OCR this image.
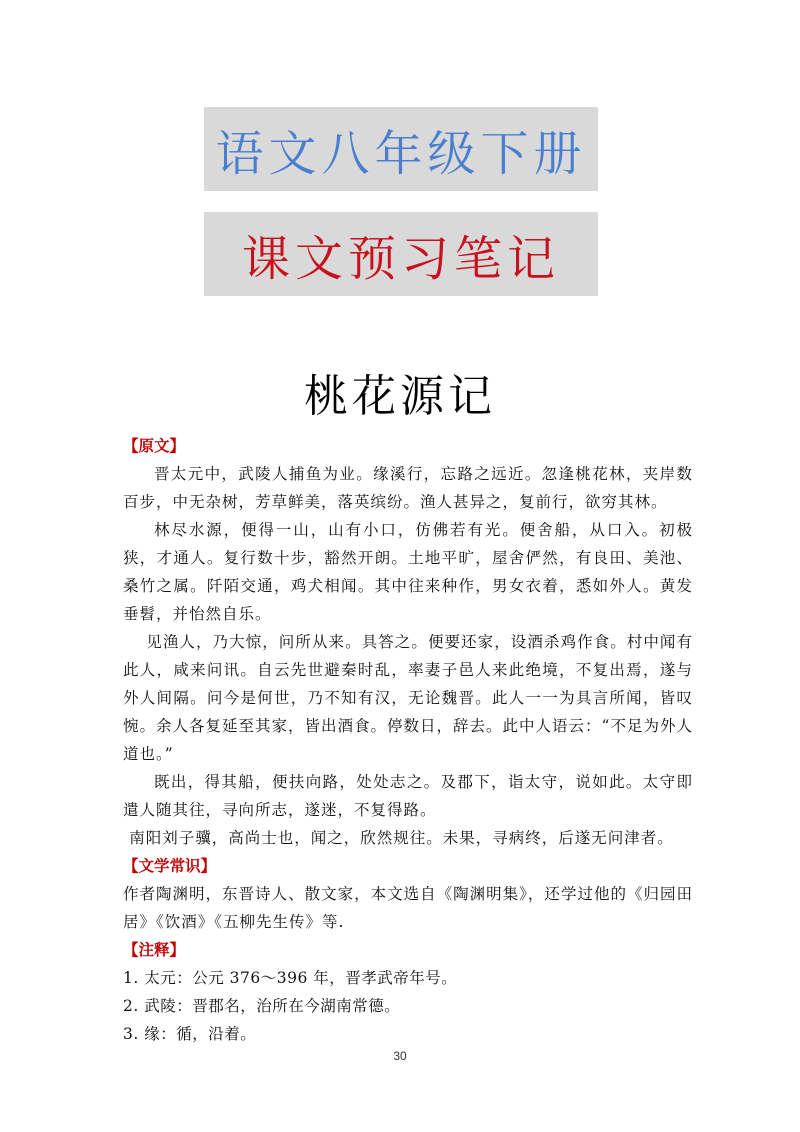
语文八年级下册
课文预习笔记
桃花源记
【原文】
晋太元中，武陵人捕鱼为业。缘溪行，忘路之远近。忽逢桃花林，夹岸数百步，中无杂树，芳草鲜美，落英缤纷。渔人甚异之，复前行，欲穷其林。
林尽水源，便得一山，山有小口，仿佛若有光。便舍船，从口入。初极狭，才通人。复行数十步，豁然开朗。土地平旷，屋舍俨然，有良田、美池、桑竹之属。阡陌交通，鸡犬相闻。其中往来种作，男女衣着，悉如外人。黄发垂髫，并怡然自乐。
见渔人，乃大惊，问所从来。具答之。便要还家，设酒杀鸡作食。村中闻有此人，咸来问讯。自云先世避秦时乱，率妻子邑人来此绝境，不复出焉，遂与外人间隔。问今是何世，乃不知有汉，无论魏晋。此人一一为具言所闻，皆叹惋。余人各复延至其家，皆出酒食。停数日，辞去。此中人语云：“不足为外人道也。”
既出，得其船，便扶向路，处处志之。及郡下，诣太守，说如此。太守即遣人随其往，寻向所志，遂迷，不复得路。
南阳刘子骥，高尚士也，闻之，欣然规往。未果，寻病终，后遂无问津者。
【文学常识】
作者陶渊明，东晋诗人、散文家，本文选自《陶渊明集》，还学过他的《归园田居》《饮酒》《五柳先生传》等.
【注释】
1. 太元：公元 376～396 年，晋孝武帝年号。
2. 武陵：晋郡名，治所在今湖南常德。
3. 缘：循，沿着。
30
